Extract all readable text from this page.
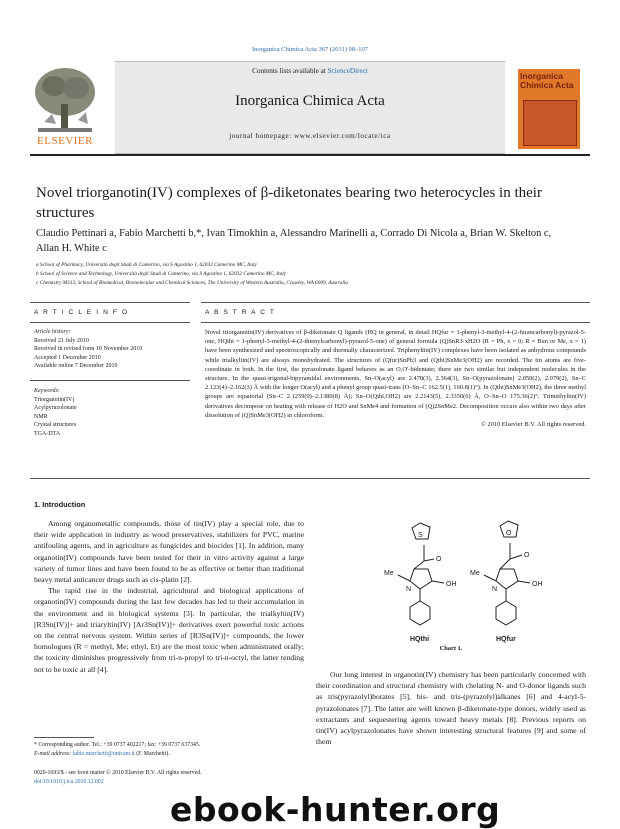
Inorganica Chimica Acta 367 (2011) 98–107
Contents lists available at ScienceDirect
Inorganica Chimica Acta
journal homepage: www.elsevier.com/locate/ica
ELSEVIER
Inorganica Chimica Acta
Novel triorganotin(IV) complexes of β-diketonates bearing two heterocycles in their structures
Claudio Pettinari a, Fabio Marchetti b,*, Ivan Timokhin a, Alessandro Marinelli a, Corrado Di Nicola a, Brian W. Skelton c, Allan H. White c
a School of Pharmacy, Università degli Studi di Camerino, via S Agostino 1, 62032 Camerino MC, Italy
b School of Science and Technology, Università degli Studi di Camerino, via S Agostino 1, 62032 Camerino MC, Italy
c Chemistry M313, School of Biomedical, Biomolecular and Chemical Sciences, The University of Western Australia, Crawley, WA 6009, Australia
A R T I C L E I N F O	A B S T R A C T
Article history:
Received 21 July 2010
Received in revised form 10 November 2010
Accepted 1 December 2010
Available online 7 December 2010
Keywords:
Triorganotin(IV)
Acylpyrazolonate
NMR
Crystal structures
TGA-DTA
Novel triorganotin(IV) derivatives of β-diketonate Q ligands (HQ in general, in detail HQfur = 1-phenyl-3-methyl-4-(2-furancarbonyl)-pyrazol-5-one, HQthi = 1-phenyl-3-methyl-4-(2-thienylcarbonyl)-pyrazol-5-one) of general formula (Q)SnR3·xH2O (R = Ph, x = 0; R = Bun or Me, x = 1) have been synthesized and spectroscopically and thermally characterized. Triphenyltin(IV) complexes have been isolated as anhydrous compounds while trialkyltin(IV) are always monohydrated. The structures of (Qfur)SnPh3 and (Qthi)SnMe3(OH2) are recorded. The tin atoms are five-coordinate in both. In the first, the pyrazolonate ligand behaves as an O,O′-bidentate; there are two similar but independent molecules in the structure. In the quasi-trigonal-bipyramidal environments, Sn–O(acyl) are 2.478(3), 2.364(3), Sn–O(pyrazolonate) 2.050(2), 2.079(2), Sn–C 2.123(4)–2.162(3) Å with the longer O(acyl) and a phenyl group quasi-trans (O–Sn–C 162.5(1), 160.8(1)°). In (Qthi)SnMe3(OH2), the three methyl groups are equatorial (Sn–C 2.1259(9)–2.1380(8) Å); Sn–O(Qthi,OH2) are 2.2143(5), 2.3350(6) Å, O–Sn–O 175.36(2)°. Trimethyltin(IV) derivatives decompose on heating with release of H2O and SnMe4 and formation of (Q)2SnMe2. Decomposition occurs also within two days after dissolution of (Q)SnMe3(OH2) in chloroform.
© 2010 Elsevier B.V. All rights reserved.
1. Introduction

Among organometallic compounds, those of tin(IV) play a special role, due to their wide application in industry as wood preservatives, stabilizers for PVC, marine antifouling agents, and in agriculture as fungicides and biocides [1]. In addition, many organotin(IV) compounds have been tested for their in vitro activity against a large variety of tumor lines and have been found to be as effective or better than traditional heavy metal anticancer drugs such as cis-platin [2].

The rapid rise in the industrial, agricultural and biological applications of organotin(IV) compounds during the last few decades has led to their accumulation in the environment and in biological systems [3]. In particular, the trialkyltin(IV) [R3Sn(IV)]+ and triaryltin(IV) [Ar3Sn(IV)]+ derivatives exert powerful toxic actions on the central nervous system. Within series of [R3Sn(IV)]+ compounds, the lower homologues (R = methyl, Me; ethyl, Et) are the most toxic when administrated orally; the toxicity diminishes progressively from tri-n-propyl to tri-n-octyl, the latter tending not to be toxic at all [4].

S
O
Me
OH
N
O
O
Me
OH
N
HQthi	HQfur
Chart 1.

Our long interest in organotin(IV) chemistry has been particularly concerned with their coordination and structural chemistry with chelating N- and O-donor ligands such as tris(pyrazolyl)borates [5], bis- and tris-(pyrazolyl)alkanes [6] and 4-acyl-5-pyrazolonates [7]. The latter are well known β-diketonate-type donors, widely used as extractants and sequestering agents toward heavy metals [8]. Previous reports on tin(IV) acylpyrazolonates have shown interesting structural features [9] and some of them

* Corresponding author. Tel.: +39 0737 402217; fax: +39 0737 637345.
E-mail address: fabio.marchetti@unicam.it (F. Marchetti).
0020-1693/$ - see front matter © 2010 Elsevier B.V. All rights reserved.
doi:10.1016/j.ica.2010.12.002
ebook-hunter.org
